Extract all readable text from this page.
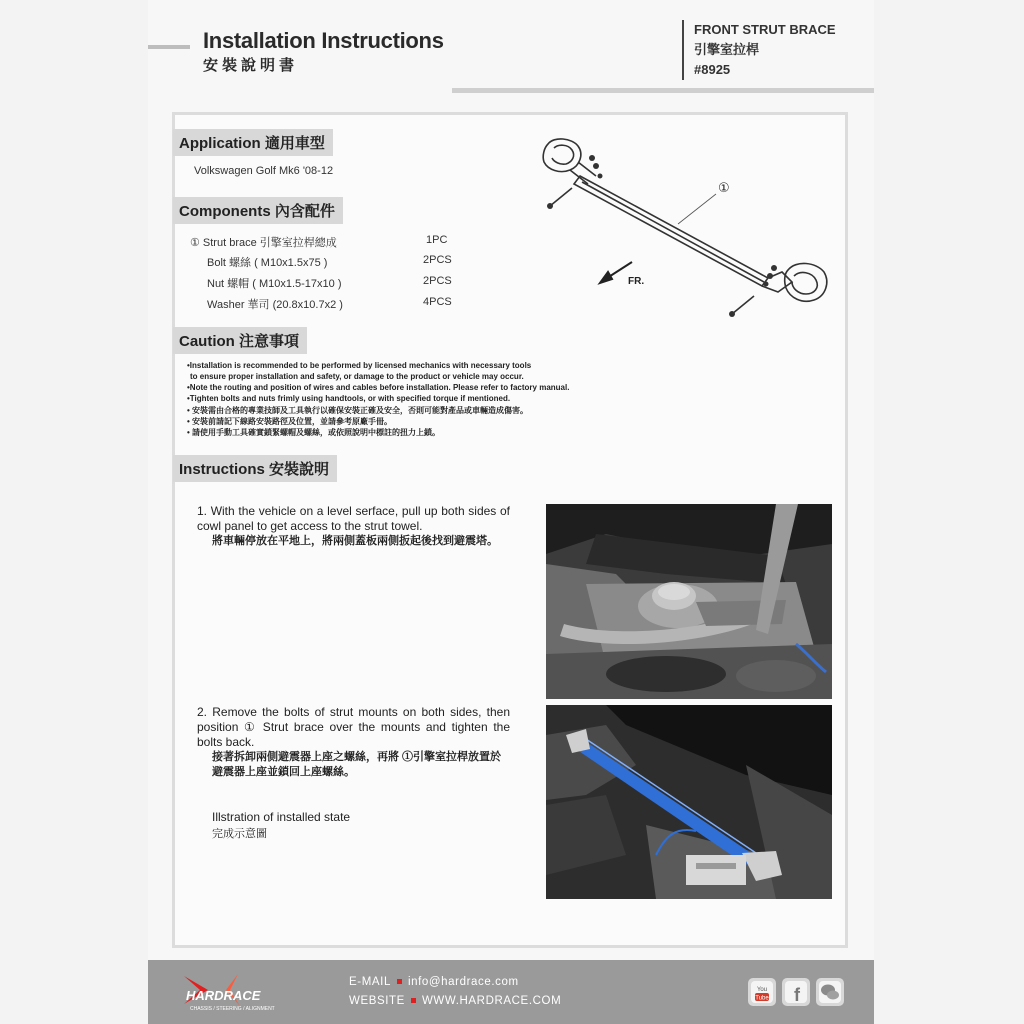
Installation Instructions
安裝說明書
FRONT STRUT BRACE
引擎室拉桿
#8925
Application 適用車型
Volkswagen Golf Mk6 '08-12
Components 內含配件
① Strut brace 引擎室拉桿總成	1PC
Bolt 螺絲 ( M10x1.5x75 )	2PCS
Nut 螺帽 ( M10x1.5-17x10 )	2PCS
Washer 華司 (20.8x10.7x2 )	4PCS
①
FR.
Caution 注意事項
•Installation is recommended to be performed by licensed mechanics with necessary tools
to ensure proper installation and safety, or damage to the product or vehicle may occur.
•Note the routing and position of wires and cables before installation. Please refer to factory manual.
•Tighten bolts and nuts frimly using handtools, or with specified torque if mentioned.
• 安裝需由合格的專業技師及工具執行以確保安裝正確及安全，否則可能對產品或車輛造成傷害。
• 安裝前請記下線路安裝路徑及位置，並請參考原廠手冊。
• 請使用手動工具確實鎖緊螺帽及螺絲，或依照說明中標註的扭力上鎖。
Instructions 安裝說明
1. With the vehicle on a level serface, pull up both sides of cowl panel to get access to the strut towel.
將車輛停放在平地上，將兩側蓋板兩側扳起後找到避震塔。
2. Remove the bolts of strut mounts on both sides, then position ① Strut brace over the mounts and tighten the bolts back.
接著拆卸兩側避震器上座之螺絲，再將 ①引擎室拉桿放置於避震器上座並鎖回上座螺絲。
Illstration of installed state
完成示意圖
HARDRACE
CHASSIS / STEERING / ALIGNMENT
E-MAIL info@hardrace.com
WEBSITE WWW.HARDRACE.COM
You
Tube f
